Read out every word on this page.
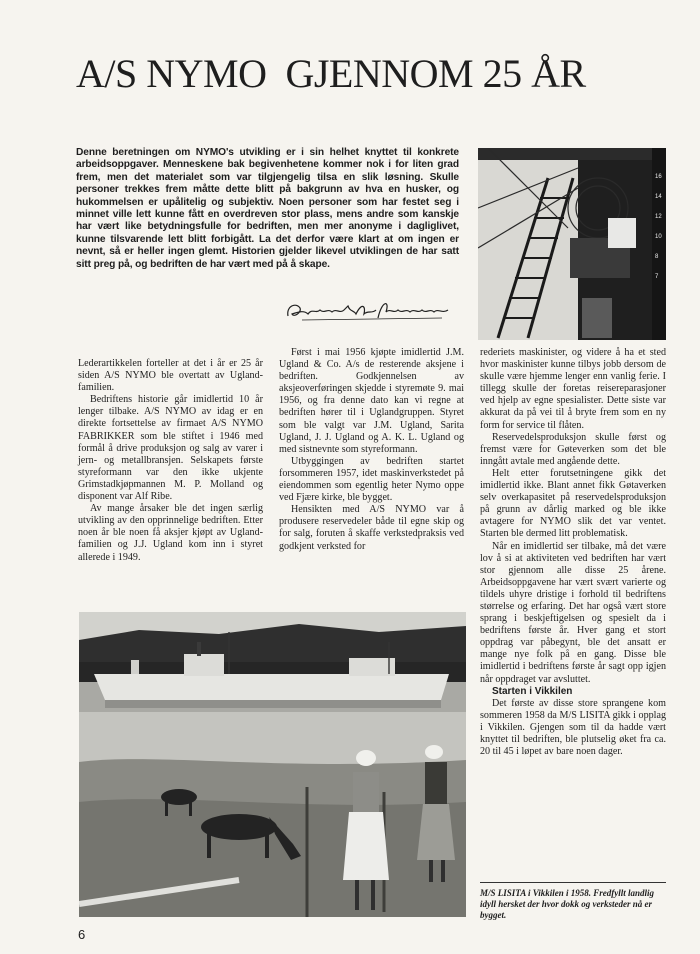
A/S NYMO  GJENNOM 25 ÅR

Denne beretningen om NYMO's utvikling er i sin helhet knyttet til konkrete arbeidsoppgaver. Menneskene bak begivenhetene kommer nok i for liten grad frem, men det materialet som var tilgjengelig tilsa en slik løsning. Skulle personer trekkes frem måtte dette blitt på bakgrunn av hva en husker, og hukommelsen er upålitelig og subjektiv. Noen personer som har festet seg i minnet ville lett kunne fått en overdreven stor plass, mens andre som kanskje har vært like betydningsfulle for bedriften, men mer anonyme i dagliglivet, kunne tilsvarende lett blitt forbigått. La det derfor være klart at om ingen er nevnt, så er heller ingen glemt. Historien gjelder likevel utviklingen de har satt sitt preg på, og bedriften de har vært med på å skape.

16
14
12
10
8
7

Lederartikkelen forteller at det i år er 25 år siden A/S NYMO ble overtatt av Ugland-familien.

Bedriftens historie går imidlertid 10 år lenger tilbake. A/S NYMO av idag er en direkte fortsettelse av firmaet A/S NYMO FABRIKKER som ble stiftet i 1946 med formål å drive produksjon og salg av varer i jern- og metallbransjen. Selskapets første styreformann var den ikke ukjente Grimstadkjøpmannen M. P. Molland og disponent var Alf Ribe.

Av mange årsaker ble det ingen særlig utvikling av den opprinnelige bedriften. Etter noen år ble noen få aksjer kjøpt av Ugland-familien og J.J. Ugland kom inn i styret allerede i 1949.

Først i mai 1956 kjøpte imidlertid J.M. Ugland & Co. A/s de resterende aksjene i bedriften. Godkjennelsen av aksjeoverføringen skjedde i styremøte 9. mai 1956, og fra denne dato kan vi regne at bedriften hører til i Uglandgruppen. Styret som ble valgt var J.M. Ugland, Sarita Ugland, J. J. Ugland og A. K. L. Ugland og med sistnevnte som styreformann.

Utbyggingen av bedriften startet forsommeren 1957, idet maskinverkstedet på eiendommen som egentlig heter Nymo oppe ved Fjære kirke, ble bygget.

Hensikten med A/S NYMO var å produsere reservedeler både til egne skip og for salg, foruten å skaffe verkstedpraksis ved godkjent verksted for

rederiets maskinister, og videre å ha et sted hvor maskinister kunne tilbys jobb dersom de skulle være hjemme lenger enn vanlig ferie. I tillegg skulle der foretas reisereparasjoner ved hjelp av egne spesialister. Dette siste var akkurat da på vei til å bryte frem som en ny form for service til flåten.

Reservedelsproduksjon skulle først og fremst være for Gøteverken som det ble inngått avtale med angående dette.

Helt etter forutsetningene gikk det imidlertid ikke. Blant annet fikk Gøtaverken selv overkapasitet på reservedelsproduksjon på grunn av dårlig marked og ble ikke avtagere for NYMO slik det var ventet. Starten ble dermed litt problematisk.

Når en imidlertid ser tilbake, må det være lov å si at aktiviteten ved bedriften har vært stor gjennom alle disse 25 årene. Arbeidsoppgavene har vært svært varierte og tildels uhyre dristige i forhold til bedriftens størrelse og erfaring. Det har også vært store sprang i beskjeftigelsen og spesielt da i bedriftens første år. Hver gang et stort oppdrag var påbegynt, ble det ansatt er mange nye folk på en gang. Disse ble imidlertid i bedriftens første år sagt opp igjen når oppdraget var avsluttet.

Starten i Vikkilen

Det første av disse store sprangene kom sommeren 1958 da M/S LISITA gikk i opplag i Vikkilen. Gjengen som til da hadde vært knyttet til bedriften, ble plutselig øket fra ca. 20 til 45 i løpet av bare noen dager.

M/S LISITA i Vikkilen i 1958. Fredfyllt landlig idyll hersket der hvor dokk og verksteder nå er bygget.

6
